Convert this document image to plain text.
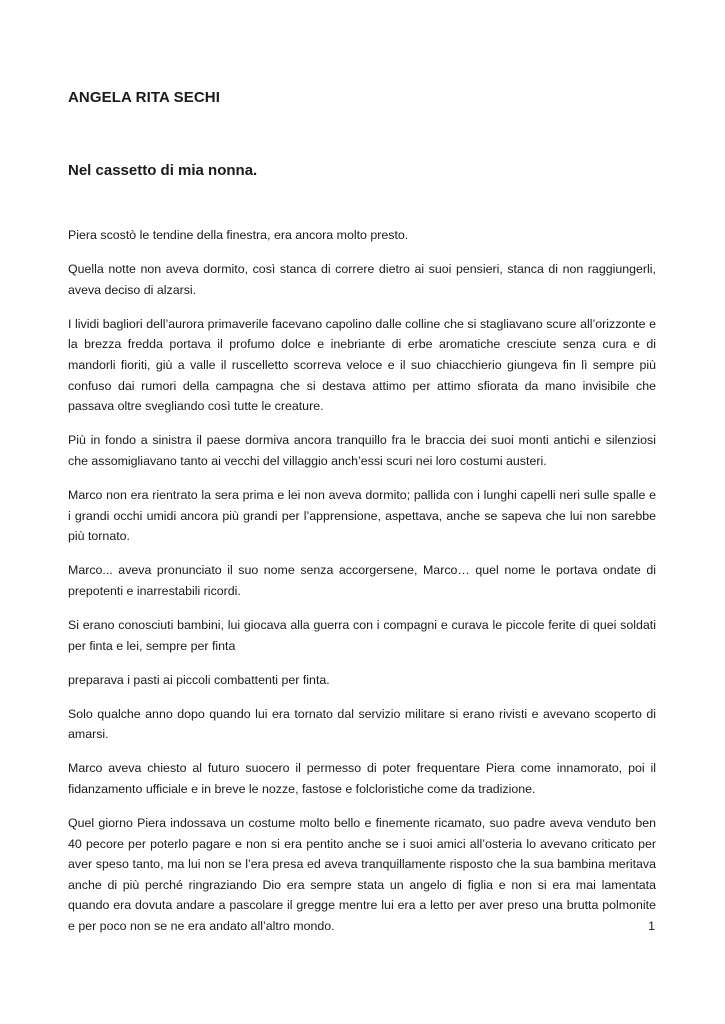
ANGELA RITA SECHI
Nel cassetto di mia nonna.

Piera scostò le tendine della finestra, era ancora molto presto.

Quella notte non aveva dormito, così stanca di correre dietro ai suoi pensieri, stanca di non raggiungerli, aveva deciso di alzarsi.

I lividi bagliori dell’aurora primaverile facevano capolino dalle colline che si stagliavano scure all’orizzonte e la brezza fredda portava il profumo dolce e inebriante di erbe aromatiche cresciute senza cura e di mandorli fioriti, giù a valle il ruscelletto scorreva veloce e il suo chiacchierio giungeva fin lì sempre più confuso dai rumori della campagna che si destava attimo per attimo sfiorata da mano invisibile che passava oltre svegliando così tutte le creature.

Più in fondo a sinistra il paese dormiva ancora tranquillo fra le braccia dei suoi monti antichi e silenziosi che assomigliavano tanto ai vecchi del villaggio anch’essi scuri nei loro costumi austeri.

Marco non era rientrato la sera prima e lei non aveva dormito; pallida con i lunghi capelli neri sulle spalle e i grandi occhi umidi ancora più grandi per l’apprensione, aspettava, anche se sapeva che lui non sarebbe più tornato.

Marco... aveva pronunciato il suo nome senza accorgersene, Marco… quel nome le portava ondate di prepotenti e inarrestabili ricordi.

Si erano conosciuti bambini, lui giocava alla guerra con i compagni e curava le piccole ferite di quei soldati per finta e lei, sempre per finta

preparava i pasti ai piccoli combattenti per finta.

Solo qualche anno dopo quando lui era tornato dal servizio militare si erano rivisti e avevano scoperto di amarsi.

Marco aveva chiesto al futuro suocero il permesso di poter frequentare Piera come innamorato, poi il fidanzamento ufficiale e in breve le nozze, fastose e folcloristiche come da tradizione.

Quel giorno Piera indossava un costume molto bello e finemente ricamato, suo padre aveva venduto ben 40 pecore per poterlo pagare e non si era pentito anche se i suoi amici all’osteria lo avevano criticato per aver speso tanto, ma lui non se l’era presa ed aveva tranquillamente risposto che la sua bambina meritava anche di più perché ringraziando Dio era sempre stata un angelo di figlia e non si era mai lamentata quando era dovuta andare a pascolare il gregge mentre lui era a letto per aver preso una brutta polmonite e per poco non se ne era andato all’altro mondo.	1
